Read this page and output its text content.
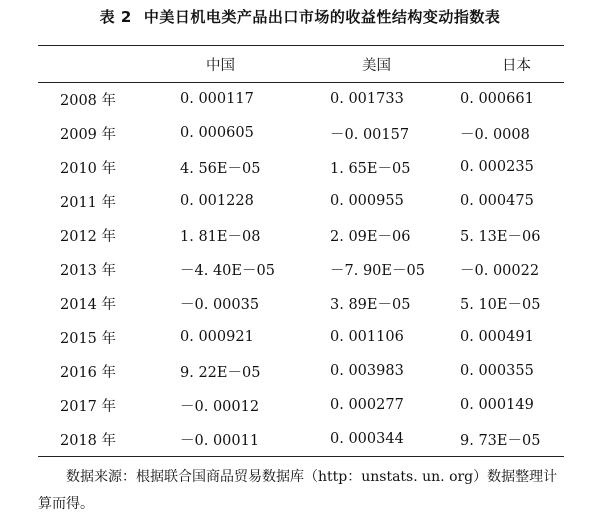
表 2 中美日机电类产品出口市场的收益性结构变动指数表
	中国	美国	日本
2008 年	0. 000117	0. 001733	0. 000661
2009 年	0. 000605	－0. 00157	－0. 0008
2010 年	4. 56E－05	1. 65E－05	0. 000235
2011 年	0. 001228	0. 000955	0. 000475
2012 年	1. 81E－08	2. 09E－06	5. 13E－06
2013 年	－4. 40E－05	－7. 90E－05	－0. 00022
2014 年	－0. 00035	3. 89E－05	5. 10E－05
2015 年	0. 000921	0. 001106	0. 000491
2016 年	9. 22E－05	0. 003983	0. 000355
2017 年	－0. 00012	0. 000277	0. 000149
2018 年	－0. 00011	0. 000344	9. 73E－05
数据来源：根据联合国商品贸易数据库（http：unstats. un. org）数据整理计算而得。
